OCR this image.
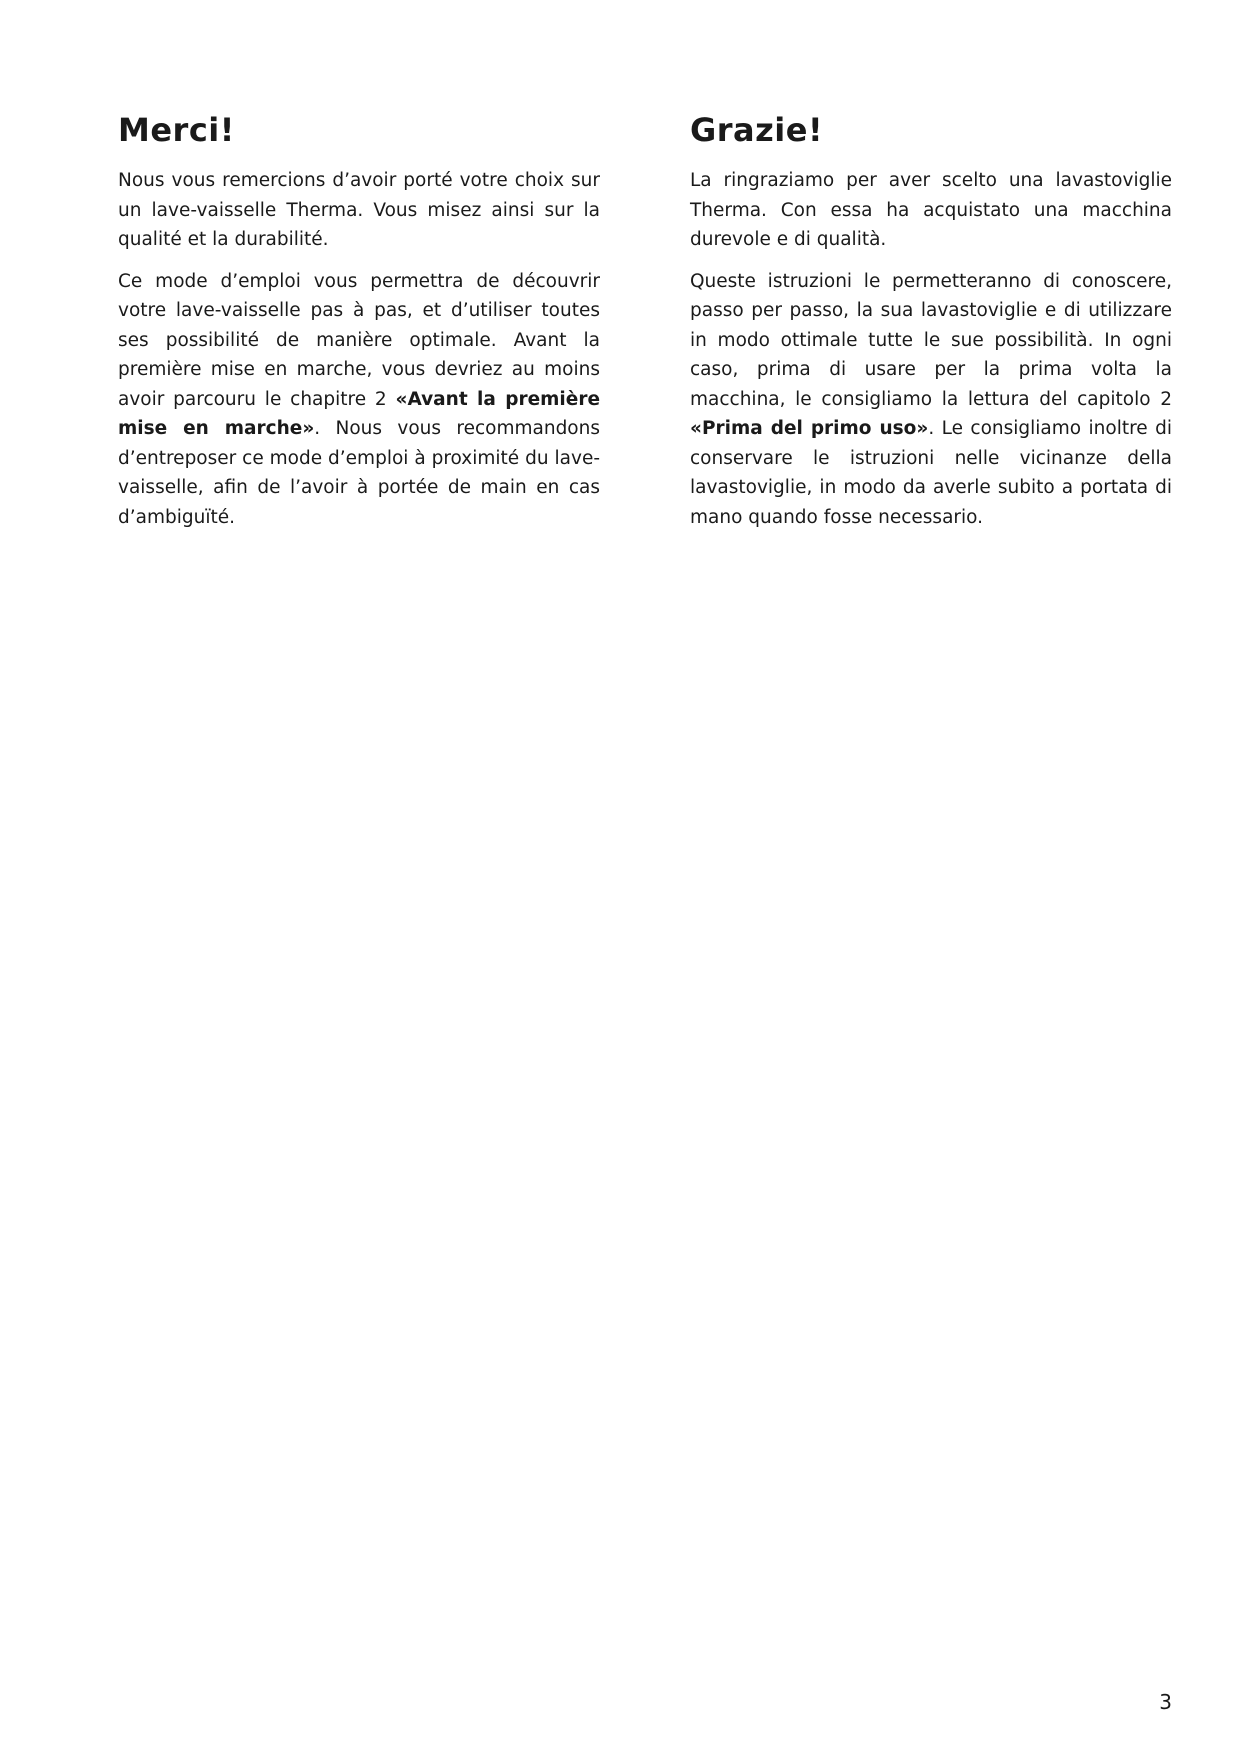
Merci!

Nous vous remercions d’avoir porté votre choix sur un lave-vaisselle Therma. Vous misez ainsi sur la qualité et la durabilité.

Ce mode d’emploi vous permettra de découvrir votre lave-vaisselle pas à pas, et d’utiliser toutes ses possibilité de manière optimale. Avant la première mise en marche, vous devriez au moins avoir parcouru le chapitre 2 «Avant la première mise en marche». Nous vous recommandons d’entreposer ce mode d’emploi à proximité du lave-vaisselle, afin de l’avoir à portée de main en cas d’ambiguïté.

Grazie!

La ringraziamo per aver scelto una lavastoviglie Therma. Con essa ha acquistato una macchina durevole e di qualità.

Queste istruzioni le permetteranno di conoscere, passo per passo, la sua lavastoviglie e di utilizzare in modo ottimale tutte le sue possibilità. In ogni caso, prima di usare per la prima volta la macchina, le consigliamo la lettura del capitolo 2 «Prima del primo uso». Le consigliamo inoltre di conservare le istruzioni nelle vicinanze della lavastoviglie, in modo da averle subito a portata di mano quando fosse necessario.

3
